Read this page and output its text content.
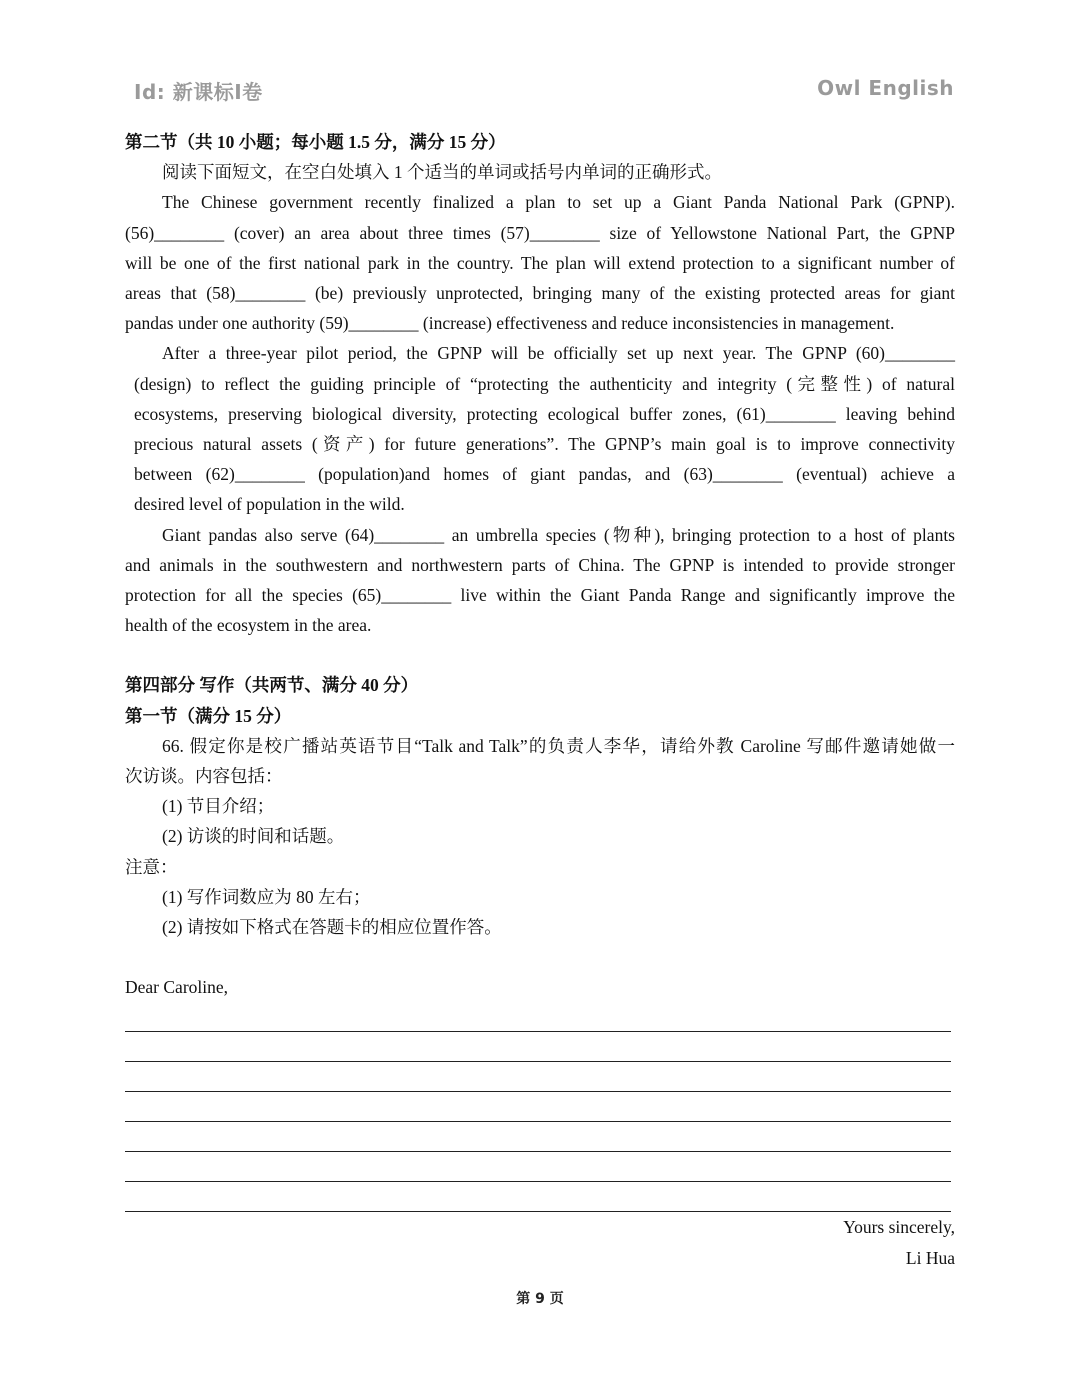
Id: 新课标I卷	Owl English
第二节（共 10 小题；每小题 1.5 分，满分 15 分）
阅读下面短文，在空白处填入 1 个适当的单词或括号内单词的正确形式。
The Chinese government recently finalized a plan to set up a Giant Panda National Park (GPNP).
(56)________ (cover) an area about three times (57)________ size of Yellowstone National Part, the GPNP
will be one of the first national park in the country. The plan will extend protection to a significant number of
areas that (58)________ (be) previously unprotected, bringing many of the existing protected areas for giant
pandas under one authority (59)________ (increase) effectiveness and reduce inconsistencies in management.
After a three-year pilot period, the GPNP will be officially set up next year. The GPNP (60)________
(design) to reflect the guiding principle of “protecting the authenticity and integrity (完整性) of natural
ecosystems, preserving biological diversity, protecting ecological buffer zones, (61)________ leaving behind
precious natural assets (资产) for future generations”. The GPNP’s main goal is to improve connectivity
between (62)________ (population)and homes of giant pandas, and (63)________ (eventual) achieve a
desired level of population in the wild.
Giant pandas also serve (64)________ an umbrella species (物种), bringing protection to a host of plants
and animals in the southwestern and northwestern parts of China. The GPNP is intended to provide stronger
protection for all the species (65)________ live within the Giant Panda Range and significantly improve the
health of the ecosystem in the area.
第四部分 写作（共两节、满分 40 分）
第一节（满分 15 分）
66. 假定你是校广播站英语节目“Talk and Talk”的负责人李华，请给外教 Caroline 写邮件邀请她做一
次访谈。内容包括：
(1) 节目介绍；
(2) 访谈的时间和话题。
注意：
(1) 写作词数应为 80 左右；
(2) 请按如下格式在答题卡的相应位置作答。
Dear Caroline,
Yours sincerely,
Li Hua
第 9 页
